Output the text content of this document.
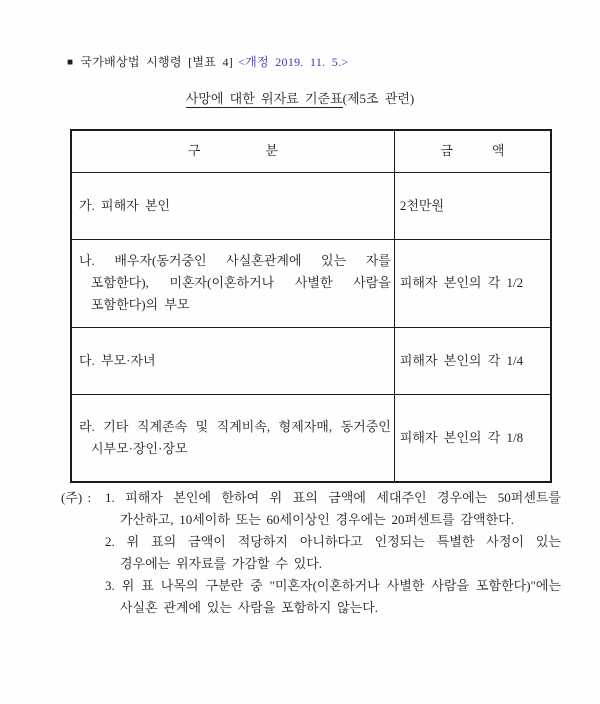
■ 국가배상법 시행령 [별표 4] <개정 2019. 11. 5.>
사망에 대한 위자료 기준표(제5조 관련)
구　　　　　분	금　　　액

가. 피해자 본인	2천만원

나. 배우자(동거중인 사실혼관계에 있는 자를 포함한다), 미혼자(이혼하거나 사별한 사람을 포함한다)의 부모	피해자 본인의 각 1/2

다. 부모·자녀	피해자 본인의 각 1/4

라. 기타 직계존속 및 직계비속, 형제자매, 동거중인 시부모·장인·장모	피해자 본인의 각 1/8
(주) : 1. 피해자 본인에 한하여 위 표의 금액에 세대주인 경우에는 50퍼센트를 가산하고, 10세이하 또는 60세이상인 경우에는 20퍼센트를 감액한다.
2. 위 표의 금액이 적당하지 아니하다고 인정되는 특별한 사정이 있는 경우에는 위자료를 가감할 수 있다.
3. 위 표 나목의 구분란 중 "미혼자(이혼하거나 사별한 사람을 포함한다)"에는 사실혼 관계에 있는 사람을 포함하지 않는다.
